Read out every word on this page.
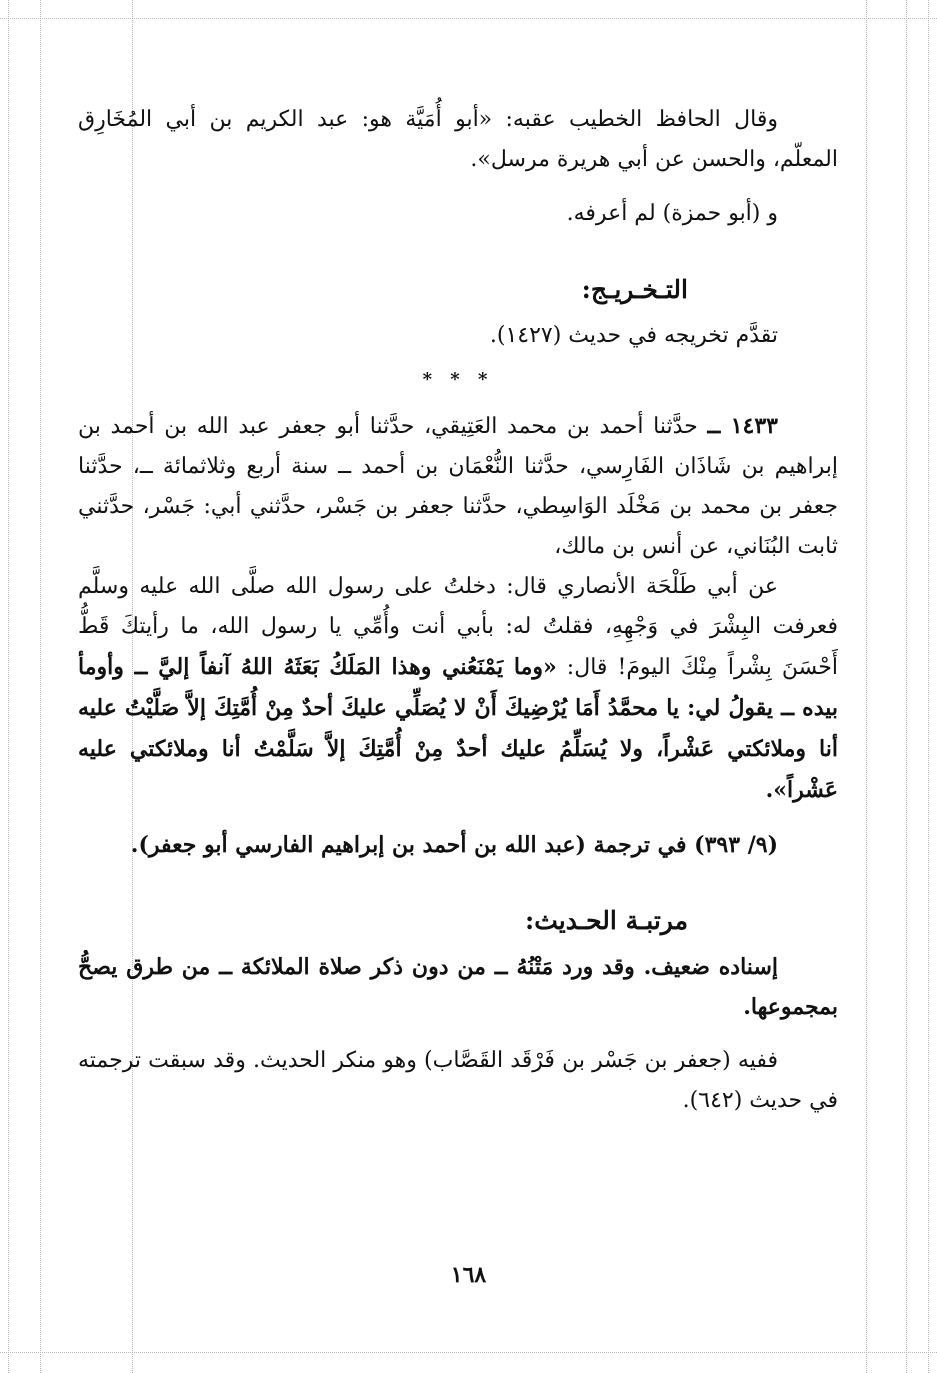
وقال الحافظ الخطيب عقبه: «أبو أُمَيَّة هو: عبد الكريم بن أبي المُخَارِق المعلّم، والحسن عن أبي هريرة مرسل».

و (أبو حمزة) لم أعرفه.

التـخـريـج:

تقدَّم تخريجه في حديث (١٤٢٧).

* * *

١٤٣٣ ــ حدَّثنا أحمد بن محمد العَتِيقي، حدَّثنا أبو جعفر عبد الله بن أحمد بن إبراهيم بن شَاذَان الفَارِسي، حدَّثنا النُّعْمَان بن أحمد ــ سنة أربع وثلاثمائة ــ، حدَّثنا جعفر بن محمد بن مَخْلَد الوَاسِطي، حدَّثنا جعفر بن جَسْر، حدَّثني أبي: جَسْر، حدَّثني ثابت البُنَاني، عن أنس بن مالك،

عن أبي طَلْحَة الأنصاري قال: دخلتُ على رسول الله صلَّى الله عليه وسلَّم فعرفت البِشْرَ في وَجْهِهِ، فقلتُ له: بأبي أنت وأُمِّي يا رسول الله، ما رأيتكَ قَطُّ أَحْسَنَ بِشْراً مِنْكَ اليومَ! قال: «وما يَمْنَعُني وهذا المَلَكُ بَعَثَهُ اللهُ آنفاً إليَّ ــ وأومأ بيده ــ يقولُ لي: يا محمَّدُ أَمَا يُرْضِيكَ أَنْ لا يُصَلِّي عليكَ أحدٌ مِنْ أُمَّتِكَ إلاَّ صَلَّيْتُ عليه أنا وملائكتي عَشْراً، ولا يُسَلِّمُ عليك أحدٌ مِنْ أُمَّتِكَ إلاَّ سَلَّمْتُ أنا وملائكتي عليه عَشْراً».

(٩/ ٣٩٣) في ترجمة (عبد الله بن أحمد بن إبراهيم الفارسي أبو جعفر).

مرتبـة الحـديث:

إسناده ضعيف. وقد ورد مَتْنُهُ ــ من دون ذكر صلاة الملائكة ــ من طرق يصحُّ بمجموعها.

ففيه (جعفر بن جَسْر بن فَرْقَد القَصَّاب) وهو منكر الحديث. وقد سبقت ترجمته في حديث (٦٤٢).

١٦٨
